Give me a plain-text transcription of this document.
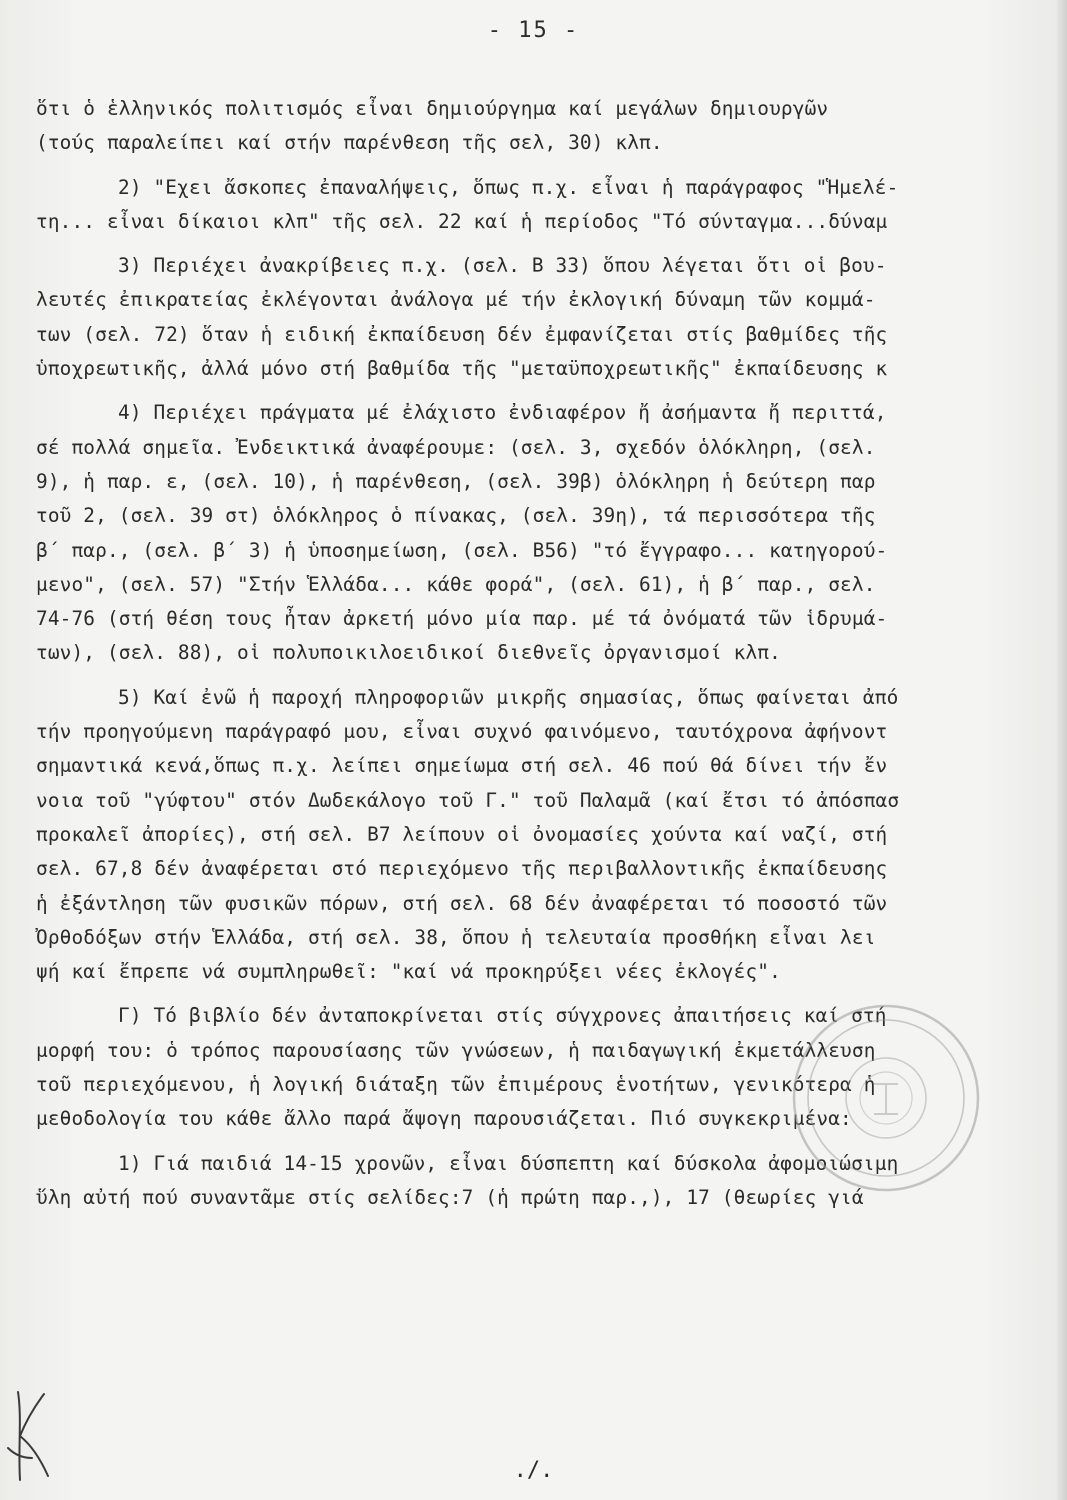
- 15 -
ὅτι ὁ ἑλληνικός πολιτισμός εἶναι δημιούργημα καί μεγάλων δημιουργῶν
(τούς παραλείπει καί στήν παρένθεση τῆς σελ, 30) κλπ.
2) "Εχει ἄσκοπες ἐπαναλήψεις, ὅπως π.χ. εἶναι ἡ παράγραφος "Ἡμελέ-
τη... εἶναι δίκαιοι κλπ" τῆς σελ. 22 καί ἡ περίοδος "Τό σύνταγμα...δύναμ
3) Περιέχει ἀνακρίβειες π.χ. (σελ. Β 33) ὅπου λέγεται ὅτι οἱ βου-
λευτές ἐπικρατείας ἐκλέγονται ἀνάλογα μέ τήν ἐκλογική δύναμη τῶν κομμά-
των (σελ. 72) ὅταν ἡ ειδική ἐκπαίδευση δέν ἐμφανίζεται στίς βαθμίδες τῆς
ὑποχρεωτικῆς, ἀλλά μόνο στή βαθμίδα τῆς "μεταϋποχρεωτικῆς" ἐκπαίδευσης κ
4) Περιέχει πράγματα μέ ἐλάχιστο ἐνδιαφέρον ἤ ἀσήμαντα ἤ περιττά,
σέ πολλά σημεῖα. Ἐνδεικτικά ἀναφέρουμε: (σελ. 3, σχεδόν ὁλόκληρη, (σελ.
9), ἡ παρ. ε, (σελ. 10), ἡ παρένθεση, (σελ. 39β) ὁλόκληρη ἡ δεύτερη παρ
τοῦ 2, (σελ. 39 στ) ὁλόκληρος ὁ πίνακας, (σελ. 39η), τά περισσότερα τῆς
β΄ παρ., (σελ. β΄ 3) ἡ ὑποσημείωση, (σελ. Β56) "τό ἔγγραφο... κατηγορού-
μενο", (σελ. 57) "Στήν Ἑλλάδα... κάθε φορά", (σελ. 61), ἡ β΄ παρ., σελ.
74-76 (στή θέση τους ἦταν ἀρκετή μόνο μία παρ. μέ τά ὀνόματά τῶν ἱδρυμά-
των), (σελ. 88), οἱ πολυποικιλοειδικοί διεθνεῖς ὀργανισμοί κλπ.
5) Καί ἐνῶ ἡ παροχή πληροφοριῶν μικρῆς σημασίας, ὅπως φαίνεται ἀπό
τήν προηγούμενη παράγραφό μου, εἶναι συχνό φαινόμενο, ταυτόχρονα ἀφήνοντ
σημαντικά κενά,ὅπως π.χ. λείπει σημείωμα στή σελ. 46 πού θά δίνει τήν ἔν
νοια τοῦ "γύφτου" στόν Δωδεκάλογο τοῦ Γ." τοῦ Παλαμᾶ (καί ἔτσι τό ἀπόσπασ
προκαλεῖ ἀπορίες), στή σελ. Β7 λείπουν οἱ ὀνομασίες χούντα καί ναζί, στή
σελ. 67,8 δέν ἀναφέρεται στό περιεχόμενο τῆς περιβαλλοντικῆς ἐκπαίδευσης
ἡ ἐξάντληση τῶν φυσικῶν πόρων, στή σελ. 68 δέν ἀναφέρεται τό ποσοστό τῶν
Ὀρθοδόξων στήν Ἑλλάδα, στή σελ. 38, ὅπου ἡ τελευταία προσθήκη εἶναι λει
ψή καί ἔπρεπε νά συμπληρωθεῖ: "καί νά προκηρύξει νέες ἐκλογές".
Γ) Τό βιβλίο δέν ἀνταποκρίνεται στίς σύγχρονες ἀπαιτήσεις καί στή
μορφή του: ὁ τρόπος παρουσίασης τῶν γνώσεων, ἡ παιδαγωγική ἐκμετάλλευση
τοῦ περιεχόμενου, ἡ λογική διάταξη τῶν ἐπιμέρους ἑνοτήτων, γενικότερα ἡ
μεθοδολογία του κάθε ἄλλο παρά ἄψογη παρουσιάζεται. Πιό συγκεκριμένα:
1) Γιά παιδιά 14-15 χρονῶν, εἶναι δύσπεπτη καί δύσκολα ἀφομοιώσιμη
ὕλη αὐτή πού συναντᾶμε στίς σελίδες:7 (ἡ πρώτη παρ.,), 17 (θεωρίες γιά
./.
